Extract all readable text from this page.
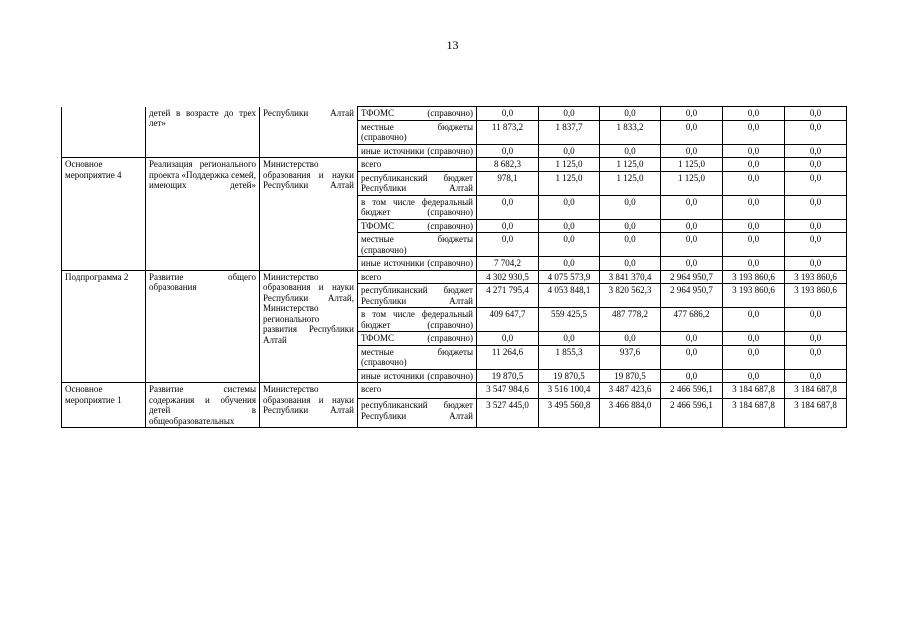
13
	детей в возрасте до трех лет»	Республики Алтай	ТФОМС (справочно)	0,0	0,0	0,0	0,0	0,0	0,0
			местные бюджеты (справочно)	11 873,2	1 837,7	1 833,2	0,0	0,0	0,0
			иные источники (справочно)	0,0	0,0	0,0	0,0	0,0	0,0
Основное мероприятие 4	Реализация регионального проекта «Поддержка семей, имеющих детей»	Министерство образования и науки Республики Алтай	всего	8 682,3	1 125,0	1 125,0	1 125,0	0,0	0,0
			республиканский бюджет Республики Алтай	978,1	1 125,0	1 125,0	1 125,0	0,0	0,0
			в том числе федеральный бюджет (справочно)	0,0	0,0	0,0	0,0	0,0	0,0
			ТФОМС (справочно)	0,0	0,0	0,0	0,0	0,0	0,0
			местные бюджеты (справочно)	0,0	0,0	0,0	0,0	0,0	0,0
			иные источники (справочно)	7 704,2	0,0	0,0	0,0	0,0	0,0
Подпрограмма 2	Развитие общего образования	Министерство образования и науки Республики Алтай, Министерство регионального развития Республики Алтай	всего	4 302 930,5	4 075 573,9	3 841 370,4	2 964 950,7	3 193 860,6	3 193 860,6
			республиканский бюджет Республики Алтай	4 271 795,4	4 053 848,1	3 820 562,3	2 964 950,7	3 193 860,6	3 193 860,6
			в том числе федеральный бюджет (справочно)	409 647,7	559 425,5	487 778,2	477 686,2	0,0	0,0
			ТФОМС (справочно)	0,0	0,0	0,0	0,0	0,0	0,0
			местные бюджеты (справочно)	11 264,6	1 855,3	937,6	0,0	0,0	0,0
			иные источники (справочно)	19 870,5	19 870,5	19 870,5	0,0	0,0	0,0
Основное мероприятие 1	Развитие системы содержания и обучения детей в общеобразовательных	Министерство образования и науки Республики Алтай	всего	3 547 984,6	3 516 100,4	3 487 423,6	2 466 596,1	3 184 687,8	3 184 687,8
			республиканский бюджет Республики Алтай	3 527 445,0	3 495 560,8	3 466 884,0	2 466 596,1	3 184 687,8	3 184 687,8
